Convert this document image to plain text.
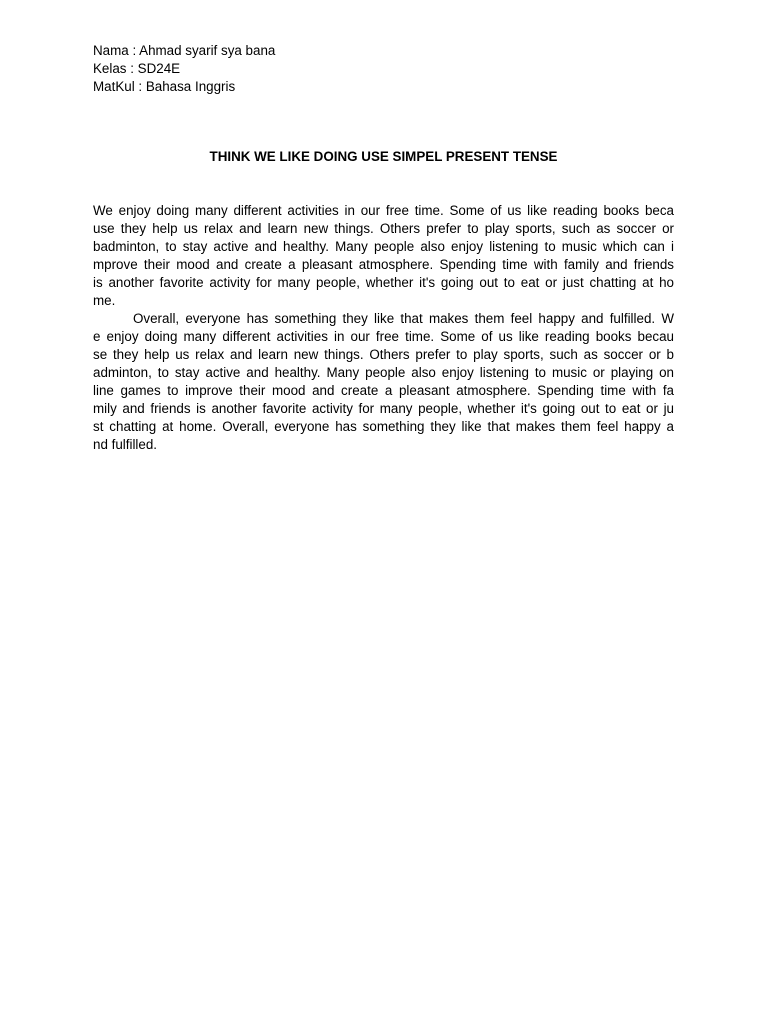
Nama : Ahmad syarif sya bana
Kelas : SD24E
MatKul : Bahasa Inggris
THINK WE LIKE DOING USE SIMPEL PRESENT TENSE
We enjoy doing many different activities in our free time. Some of us like reading books beca
use they help us relax and learn new things. Others prefer to play sports, such as soccer or
badminton, to stay active and healthy. Many people also enjoy listening to music which can i
mprove their mood and create a pleasant atmosphere. Spending time with family and friends
is another favorite activity for many people, whether it's going out to eat or just chatting at ho
me.
Overall, everyone has something they like that makes them feel happy and fulfilled. W
e enjoy doing many different activities in our free time. Some of us like reading books becau
se they help us relax and learn new things. Others prefer to play sports, such as soccer or b
adminton, to stay active and healthy. Many people also enjoy listening to music or playing on
line games to improve their mood and create a pleasant atmosphere. Spending time with fa
mily and friends is another favorite activity for many people, whether it's going out to eat or ju
st chatting at home. Overall, everyone has something they like that makes them feel happy a
nd fulfilled.
